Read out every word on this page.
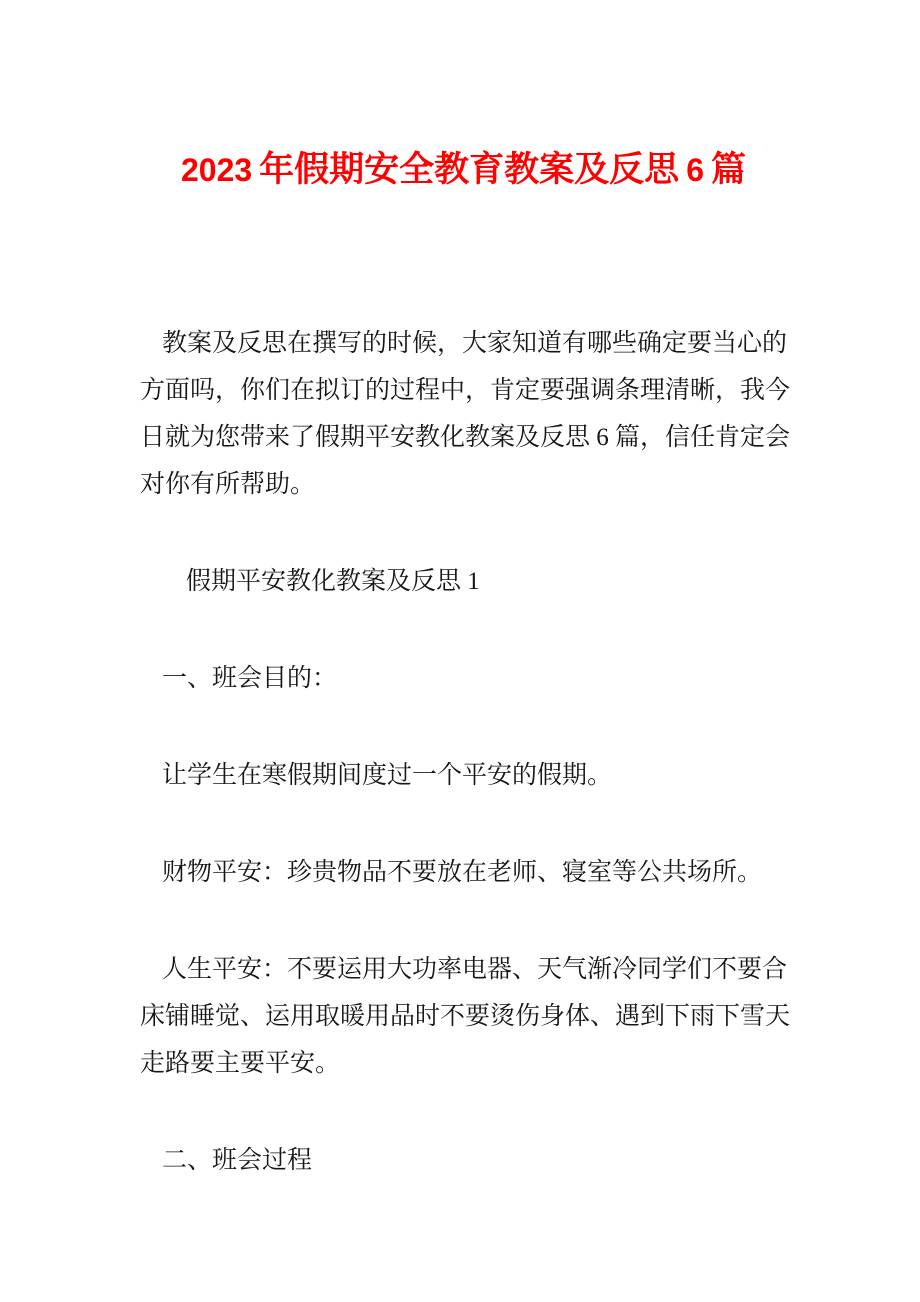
2023 年假期安全教育教案及反思 6 篇

教案及反思在撰写的时候，大家知道有哪些确定要当心的方面吗，你们在拟订的过程中，肯定要强调条理清晰，我今日就为您带来了假期平安教化教案及反思 6 篇，信任肯定会对你有所帮助。

假期平安教化教案及反思 1

一、班会目的：

让学生在寒假期间度过一个平安的假期。

财物平安：珍贵物品不要放在老师、寝室等公共场所。

人生平安：不要运用大功率电器、天气渐冷同学们不要合床铺睡觉、运用取暖用品时不要烫伤身体、遇到下雨下雪天走路要主要平安。

二、班会过程
